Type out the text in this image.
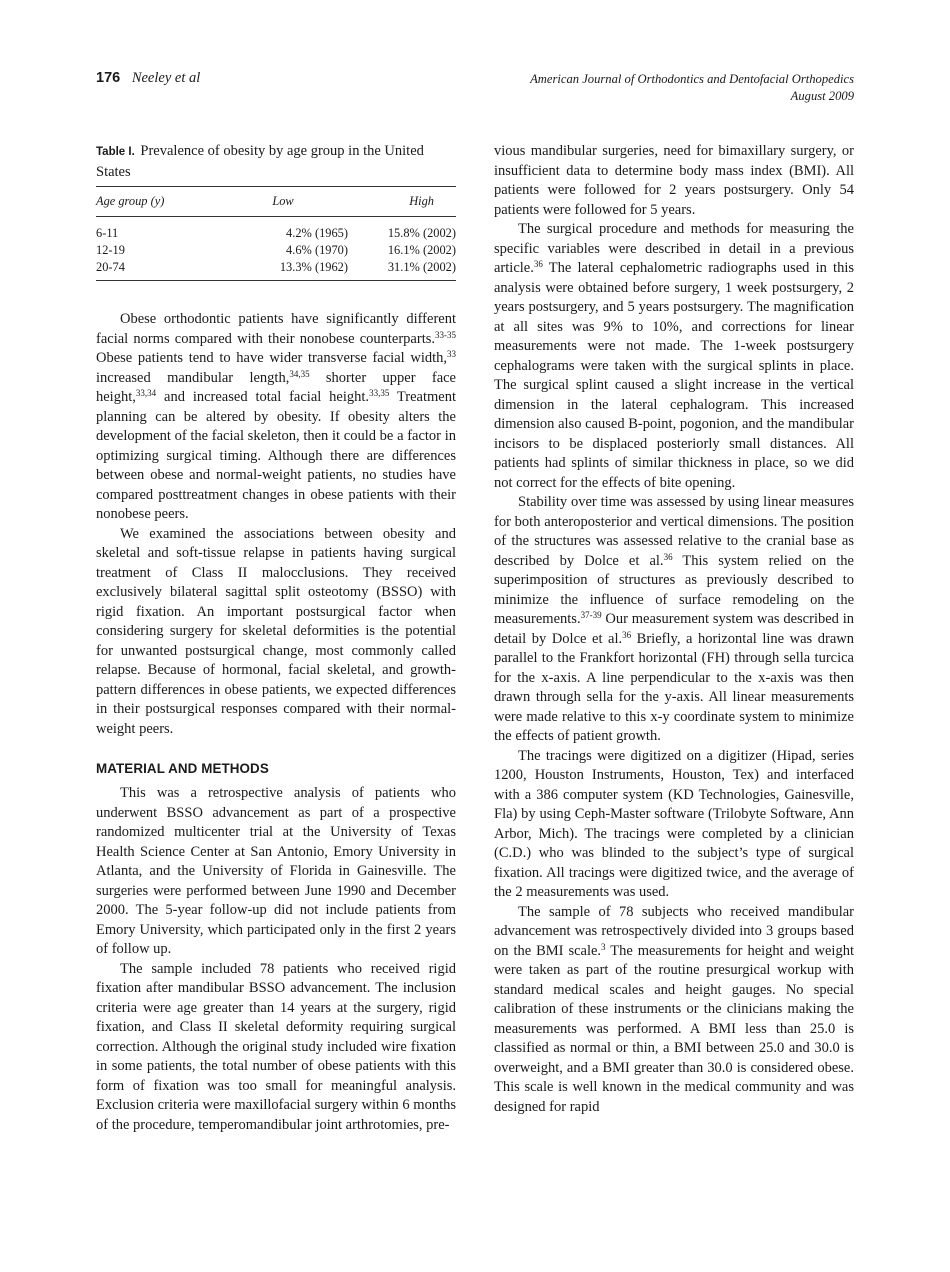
176 Neeley et al	American Journal of Orthodontics and Dentofacial Orthopedics
August 2009

Table I. Prevalence of obesity by age group in the United States

Age group (y)	Low	High
6-11	4.2% (1965)	15.8% (2002)
12-19	4.6% (1970)	16.1% (2002)
20-74	13.3% (1962)	31.1% (2002)

Obese orthodontic patients have significantly different facial norms compared with their nonobese counterparts.$^{33-35}$ Obese patients tend to have wider transverse facial width,$^{33}$ increased mandibular length,$^{34,35}$ shorter upper face height,$^{33,34}$ and increased total facial height.$^{33,35}$ Treatment planning can be altered by obesity. If obesity alters the development of the facial skeleton, then it could be a factor in optimizing surgical timing. Although there are differences between obese and normal-weight patients, no studies have compared posttreatment changes in obese patients with their nonobese peers.

We examined the associations between obesity and skeletal and soft-tissue relapse in patients having surgical treatment of Class II malocclusions. They received exclusively bilateral sagittal split osteotomy (BSSO) with rigid fixation. An important postsurgical factor when considering surgery for skeletal deformities is the potential for unwanted postsurgical change, most commonly called relapse. Because of hormonal, facial skeletal, and growth-pattern differences in obese patients, we expected differences in their postsurgical responses compared with their normal-weight peers.

MATERIAL AND METHODS

This was a retrospective analysis of patients who underwent BSSO advancement as part of a prospective randomized multicenter trial at the University of Texas Health Science Center at San Antonio, Emory University in Atlanta, and the University of Florida in Gainesville. The surgeries were performed between June 1990 and December 2000. The 5-year follow-up did not include patients from Emory University, which participated only in the first 2 years of follow up.

The sample included 78 patients who received rigid fixation after mandibular BSSO advancement. The inclusion criteria were age greater than 14 years at the surgery, rigid fixation, and Class II skeletal deformity requiring surgical correction. Although the original study included wire fixation in some patients, the total number of obese patients with this form of fixation was too small for meaningful analysis. Exclusion criteria were maxillofacial surgery within 6 months of the procedure, temperomandibular joint arthrotomies, pre-

vious mandibular surgeries, need for bimaxillary surgery, or insufficient data to determine body mass index (BMI). All patients were followed for 2 years postsurgery. Only 54 patients were followed for 5 years.

The surgical procedure and methods for measuring the specific variables were described in detail in a previous article.$^{36}$ The lateral cephalometric radiographs used in this analysis were obtained before surgery, 1 week postsurgery, 2 years postsurgery, and 5 years postsurgery. The magnification at all sites was 9% to 10%, and corrections for linear measurements were not made. The 1-week postsurgery cephalograms were taken with the surgical splints in place. The surgical splint caused a slight increase in the vertical dimension in the lateral cephalogram. This increased dimension also caused B-point, pogonion, and the mandibular incisors to be displaced posteriorly small distances. All patients had splints of similar thickness in place, so we did not correct for the effects of bite opening.

Stability over time was assessed by using linear measures for both anteroposterior and vertical dimensions. The position of the structures was assessed relative to the cranial base as described by Dolce et al.$^{36}$ This system relied on the superimposition of structures as previously described to minimize the influence of surface remodeling on the measurements.$^{37-39}$ Our measurement system was described in detail by Dolce et al.$^{36}$ Briefly, a horizontal line was drawn parallel to the Frankfort horizontal (FH) through sella turcica for the x-axis. A line perpendicular to the x-axis was then drawn through sella for the y-axis. All linear measurements were made relative to this x-y coordinate system to minimize the effects of patient growth.

The tracings were digitized on a digitizer (Hipad, series 1200, Houston Instruments, Houston, Tex) and interfaced with a 386 computer system (KD Technologies, Gainesville, Fla) by using Ceph-Master software (Trilobyte Software, Ann Arbor, Mich). The tracings were completed by a clinician (C.D.) who was blinded to the subject’s type of surgical fixation. All tracings were digitized twice, and the average of the 2 measurements was used.

The sample of 78 subjects who received mandibular advancement was retrospectively divided into 3 groups based on the BMI scale.$^3$ The measurements for height and weight were taken as part of the routine presurgical workup with standard medical scales and height gauges. No special calibration of these instruments or the clinicians making the measurements was performed. A BMI less than 25.0 is classified as normal or thin, a BMI between 25.0 and 30.0 is overweight, and a BMI greater than 30.0 is considered obese. This scale is well known in the medical community and was designed for rapid
